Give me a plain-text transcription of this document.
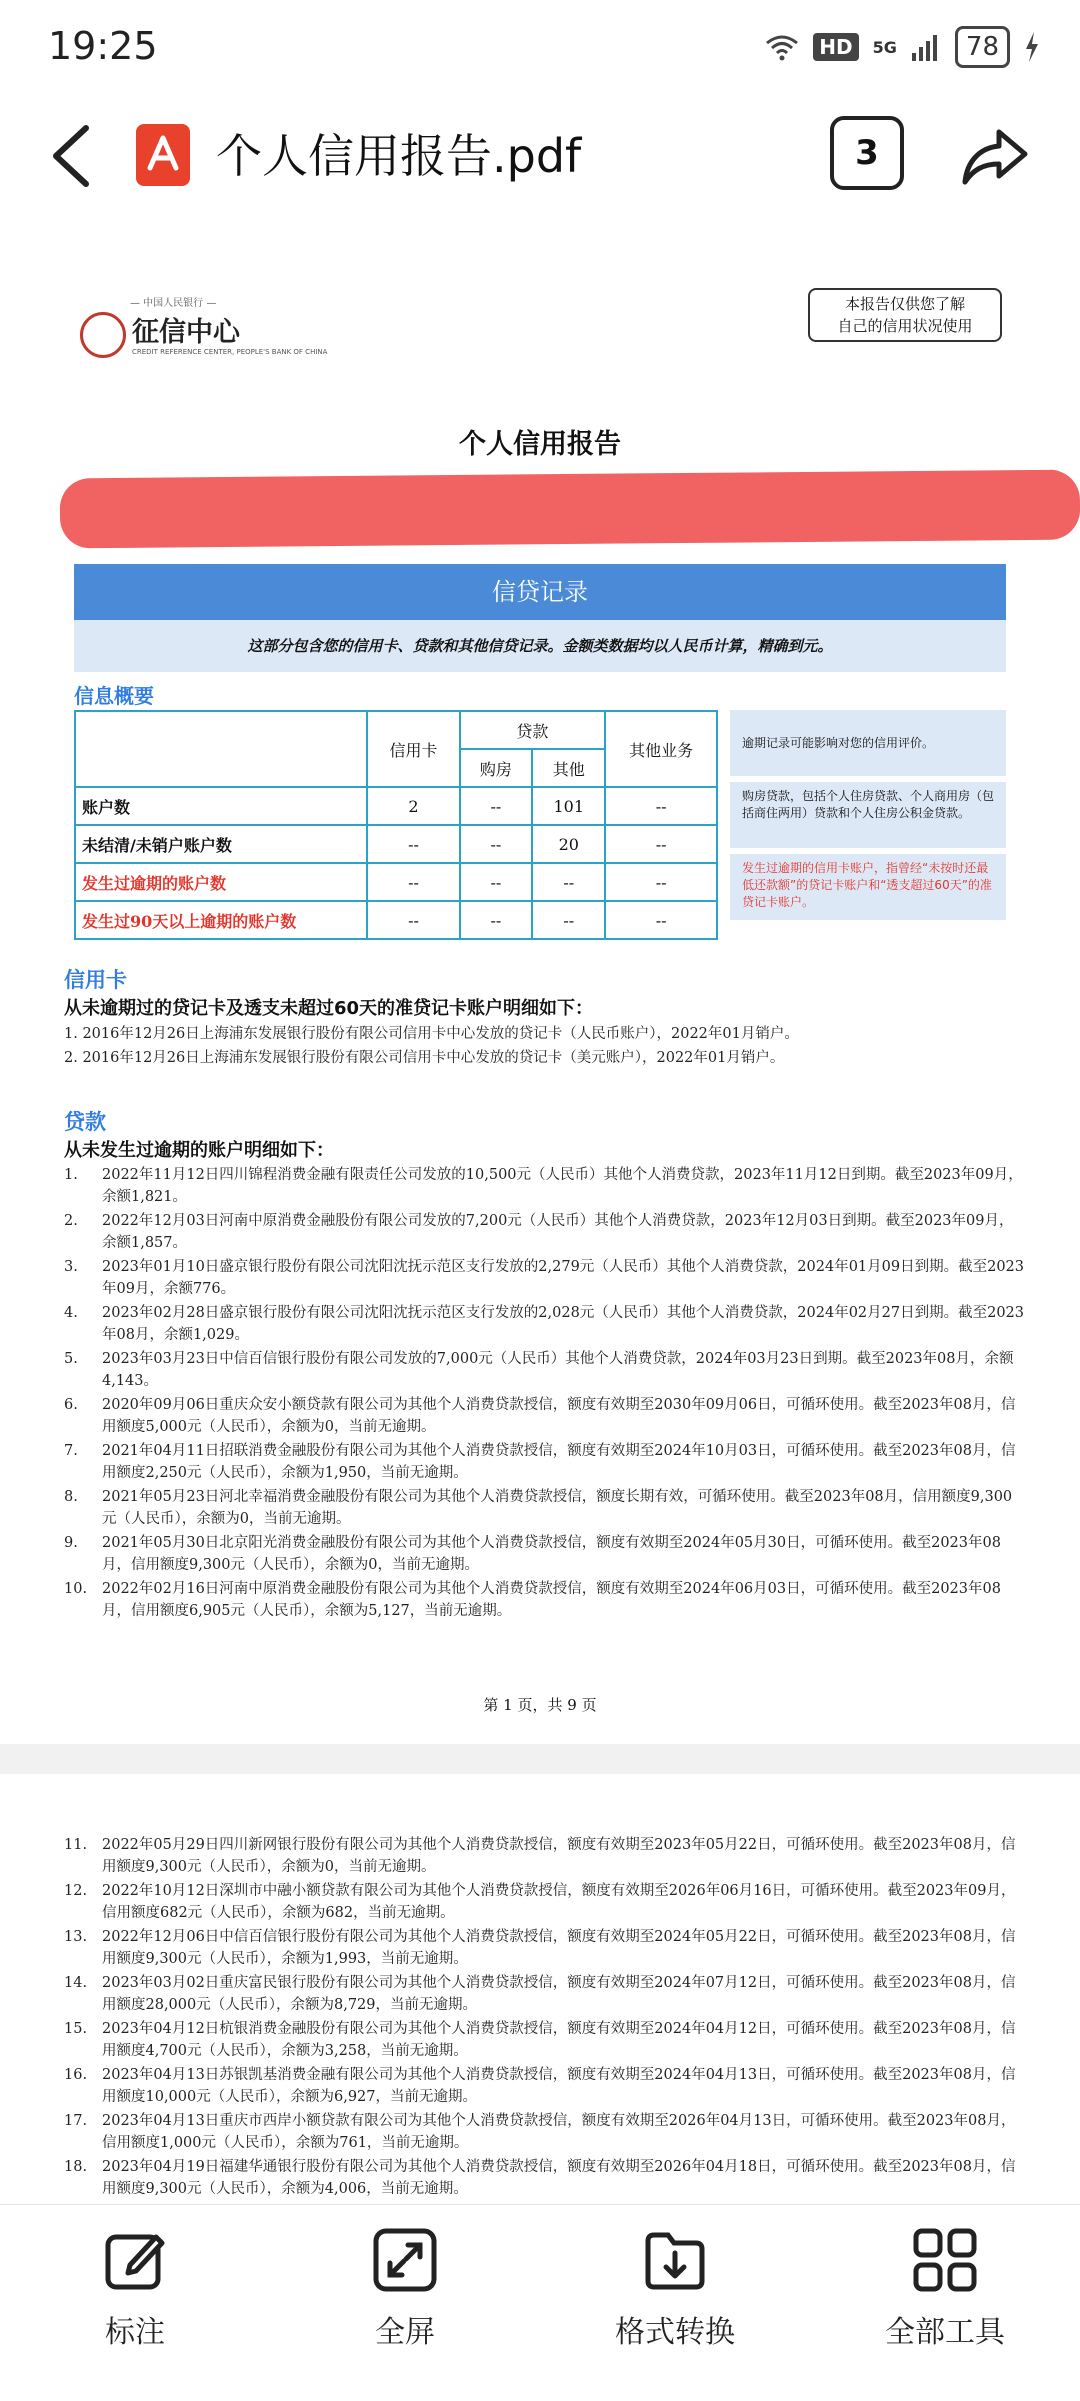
19:25	HD	5G	78
个人信用报告.pdf	3
— 中国人民银行 —
征信中心
CREDIT REFERENCE CENTER, PEOPLE'S BANK OF CHINA
本报告仅供您了解
自己的信用状况使用
个人信用报告
信贷记录
这部分包含您的信用卡、贷款和其他信贷记录。金额类数据均以人民币计算，精确到元。
信息概要
	信用卡	贷款		其他业务
		购房	其他	
账户数	2	--	101	--
未结清/未销户账户数	--	--	20	--
发生过逾期的账户数	--	--	--	--
发生过90天以上逾期的账户数	--	--	--	--
逾期记录可能影响对您的信用评价。
购房贷款，包括个人住房贷款、个人商用房（包括商住两用）贷款和个人住房公积金贷款。
发生过逾期的信用卡账户，指曾经“未按时还最低还款额”的贷记卡账户和“透支超过60天”的准贷记卡账户。
信用卡
从未逾期过的贷记卡及透支未超过60天的准贷记卡账户明细如下：
1. 2016年12月26日上海浦东发展银行股份有限公司信用卡中心发放的贷记卡（人民币账户），2022年01月销户。
2. 2016年12月26日上海浦东发展银行股份有限公司信用卡中心发放的贷记卡（美元账户），2022年01月销户。
贷款
从未发生过逾期的账户明细如下：
1.	2022年11月12日四川锦程消费金融有限责任公司发放的10,500元（人民币）其他个人消费贷款，2023年11月12日到期。截至2023年09月，余额1,821。
2.	2022年12月03日河南中原消费金融股份有限公司发放的7,200元（人民币）其他个人消费贷款，2023年12月03日到期。截至2023年09月，余额1,857。
3.	2023年01月10日盛京银行股份有限公司沈阳沈抚示范区支行发放的2,279元（人民币）其他个人消费贷款，2024年01月09日到期。截至2023年09月，余额776。
4.	2023年02月28日盛京银行股份有限公司沈阳沈抚示范区支行发放的2,028元（人民币）其他个人消费贷款，2024年02月27日到期。截至2023年08月，余额1,029。
5.	2023年03月23日中信百信银行股份有限公司发放的7,000元（人民币）其他个人消费贷款，2024年03月23日到期。截至2023年08月，余额4,143。
6.	2020年09月06日重庆众安小额贷款有限公司为其他个人消费贷款授信，额度有效期至2030年09月06日，可循环使用。截至2023年08月，信用额度5,000元（人民币），余额为0，当前无逾期。
7.	2021年04月11日招联消费金融股份有限公司为其他个人消费贷款授信，额度有效期至2024年10月03日，可循环使用。截至2023年08月，信用额度2,250元（人民币），余额为1,950，当前无逾期。
8.	2021年05月23日河北幸福消费金融股份有限公司为其他个人消费贷款授信，额度长期有效，可循环使用。截至2023年08月，信用额度9,300元（人民币），余额为0，当前无逾期。
9.	2021年05月30日北京阳光消费金融股份有限公司为其他个人消费贷款授信，额度有效期至2024年05月30日，可循环使用。截至2023年08月，信用额度9,300元（人民币），余额为0，当前无逾期。
10.	2022年02月16日河南中原消费金融股份有限公司为其他个人消费贷款授信，额度有效期至2024年06月03日，可循环使用。截至2023年08月，信用额度6,905元（人民币），余额为5,127，当前无逾期。
第 1 页，共 9 页
11.	2022年05月29日四川新网银行股份有限公司为其他个人消费贷款授信，额度有效期至2023年05月22日，可循环使用。截至2023年08月，信用额度9,300元（人民币），余额为0，当前无逾期。
12.	2022年10月12日深圳市中融小额贷款有限公司为其他个人消费贷款授信，额度有效期至2026年06月16日，可循环使用。截至2023年09月，信用额度682元（人民币），余额为682，当前无逾期。
13.	2022年12月06日中信百信银行股份有限公司为其他个人消费贷款授信，额度有效期至2024年05月22日，可循环使用。截至2023年08月，信用额度9,300元（人民币），余额为1,993，当前无逾期。
14.	2023年03月02日重庆富民银行股份有限公司为其他个人消费贷款授信，额度有效期至2024年07月12日，可循环使用。截至2023年08月，信用额度28,000元（人民币），余额为8,729，当前无逾期。
15.	2023年04月12日杭银消费金融股份有限公司为其他个人消费贷款授信，额度有效期至2024年04月12日，可循环使用。截至2023年08月，信用额度4,700元（人民币），余额为3,258，当前无逾期。
16.	2023年04月13日苏银凯基消费金融有限公司为其他个人消费贷款授信，额度有效期至2024年04月13日，可循环使用。截至2023年08月，信用额度10,000元（人民币），余额为6,927，当前无逾期。
17.	2023年04月13日重庆市西岸小额贷款有限公司为其他个人消费贷款授信，额度有效期至2026年04月13日，可循环使用。截至2023年08月，信用额度1,000元（人民币），余额为761，当前无逾期。
18.	2023年04月19日福建华通银行股份有限公司为其他个人消费贷款授信，额度有效期至2026年04月18日，可循环使用。截至2023年08月，信用额度9,300元（人民币），余额为4,006，当前无逾期。
标注	全屏	格式转换	全部工具
